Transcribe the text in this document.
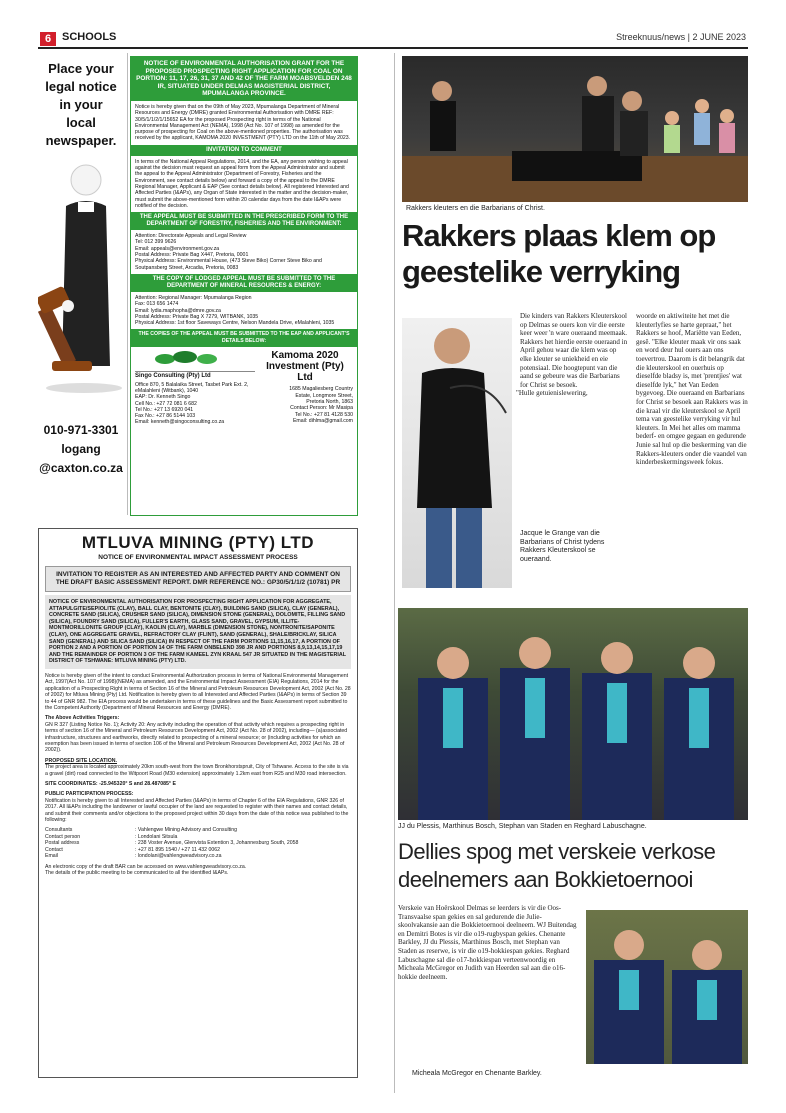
6 SCHOOLS	Streeknuus/news | 2 JUNE 2023
Place your
legal notice
in your
local
newspaper.
010-971-3301
logang
@caxton.co.za
NOTICE OF ENVIRONMENTAL AUTHORISATION GRANT FOR THE PROPOSED PROSPECTING RIGHT APPLICATION FOR COAL ON PORTION: 11, 17, 26, 31, 37 AND 42 OF THE FARM MOABSVELDEN 248 IR, SITUATED UNDER DELMAS MAGISTERIAL DISTRICT, MPUMALANGA PROVINCE.
Notice is hereby given that on the 09th of May 2023, Mpumalanga Department of Mineral Resources and Energy (DMRE) granted Environmental Authorisation with DMRE REF: 30/5/1/1/2/1/15652 EA for the proposed Prospecting right in terms of the National Environmental Management Act (NEMA), 1998 (Act No. 107 of 1998) as amended for the purpose of prospecting for Coal on the above-mentioned properties. The authorisation was received by the applicant, KAMOMA 2020 INVESTMENT (PTY) LTD on the 11th of May 2023.
INVITATION TO COMMENT
In terms of the National Appeal Regulations, 2014, and the EA, any person wishing to appeal against the decision must request an appeal form from the Appeal Administrator and submit the appeal to the Appeal Administrator (Department of Forestry, Fisheries and the Environment, see contact details below) and forward a copy of the appeal to the DMRE Regional Manager, Applicant & EAP (See contact details below). All registered Interested and Affected Parties (I&APs), any Organ of State interested in the matter and the decision-maker, must submit the above-mentioned form within 20 calendar days from the date I&APs were notified of the decision.
THE APPEAL MUST BE SUBMITTED IN THE PRESCRIBED FORM TO THE DEPARTMENT OF FORESTRY, FISHERIES AND THE ENVIRONMENT:
Attention: Directorate Appeals and Legal Review
Tel: 012 399 9626
Email: appeals@environment.gov.za
Postal Address: Private Bag X447, Pretoria, 0001
Physical Address: Environmental House, (473 Steve Biko) Corner Steve Biko and Soutpansberg Street, Arcadia, Pretoria, 0083
THE COPY OF LODGED APPEAL MUST BE SUBMITTED TO THE DEPARTMENT OF MINERAL RESOURCES & ENERGY:
Attention: Regional Manager: Mpumalanga Region
Fax: 013 656 1474
Email: lydia.maphopha@dmre.gov.za
Postal Address: Private Bag X 7279, WITBANK, 1035
Physical Address: 1st floor Saveways Centre, Nelson Mandela Drive, eMalahleni, 1035
THE COPIES OF THE APPEAL MUST BE SUBMITTED TO THE EAP AND APPLICANT'S DETAILS BELOW:
Singo Consulting (Pty) Ltd
Office 870, 5 Balalaika Street, Tasbet Park Ext. 2,
eMalahleni (Witbank), 1040
EAP: Dr. Kenneth Singo
Cell No.: +27 72 081 6 682
Tel No.: +27 13 6920 041
Fax No.: +27 86 5144 103
Email: kenneth@singoconsulting.co.za
Kamoma 2020 Investment (Pty) Ltd
1685 Magaliesberg Country
Estate, Longmore Street,
Pretoria North, 1863
Contact Person: Mr Masipa
Tel No.: +27 81 4128 530
Email: dihlma@gmail.com
MTLUVA MINING (PTY) LTD
NOTICE OF ENVIRONMENTAL IMPACT ASSESSMENT PROCESS
INVITATION TO REGISTER AS AN INTERESTED AND AFFECTED PARTY AND COMMENT ON THE DRAFT BASIC ASSESSMENT REPORT. DMR REFERENCE NO.: GP30/5/1/1/2 (10781) PR
NOTICE OF ENVIRONMENTAL AUTHORISATION FOR PROSPECTING RIGHT APPLICATION FOR AGGREGATE, ATTAPULGITE/SEPIOLITE (CLAY), BALL CLAY, BENTONITE (CLAY), BUILDING SAND (SILICA), CLAY (GENERAL), CONCRETE SAND (SILICA), CRUSHER SAND (SILICA), DIMENSION STONE (GENERAL), DOLOMITE, FILLING SAND (SILICA), FOUNDRY SAND (SILICA), FULLER'S EARTH, GLASS SAND, GRAVEL, GYPSUM, ILLITE-MONTMORILLONITE GROUP (CLAY), KAOLIN (CLAY), MARBLE (DIMENSION STONE), NONTRONITE/SAPONITE (CLAY), ONE AGGREGATE GRAVEL, REFRACTORY CLAY (FLINT), SAND (GENERAL), SHALE/BRICKLAY, SILICA SAND (GENERAL) AND SILICA SAND (SILICA) IN RESPECT OF THE FARM PORTIONS 11,15,16,17, A PORTION OF PORTION 2 AND A PORTION OF PORTION 14 OF THE FARM ONBELEND 398 JR AND PORTIONS 8,9,13,14,15,17,19 AND THE REMAINDER OF PORTION 3 OF THE FARM KAMEEL ZYN KRAAL 547 JR SITUATED IN THE MAGISTERIAL DISTRICT OF TSHWANE: MTLUVA MINING (PTY) LTD.

Notice is hereby given of the intent to conduct Environmental Authorization process in terms of National Environmental Management Act, 1997(Act No. 107 of 1998)(NEMA) as amended, and the Environmental Impact Assessment (EIA) Regulations, 2014 for the application of a Prospecting Right in terms of Section 16 of the Mineral and Petroleum Resources Development Act, 2002 (Act No. 28 of 2002) for Mtluva Mining (Pty) Ltd. Notification is hereby given to all Interested and Affected Parties (I&APs) in terms of Section 39 to 44 of GNR 982. The EIA process would be undertaken in terms of these guidelines and the Basic Assessment report submitted to the Competent Authority (Department of Mineral Resources and Energy (DMRE).

The Above Activities Triggers:

GN R 327 (Listing Notice No. 1); Activity 20: Any activity including the operation of that activity which requires a prospecting right in terms of section 16 of the Mineral and Petroleum Resources Development Act, 2002 (Act No. 28 of 2002), including— (a)associated infrastructure, structures and earthworks, directly related to prospecting of a mineral resource; or (including activities for which an exemption has been issued in terms of section 106 of the Mineral and Petroleum Resources Development Act, 2002 (Act No. 28 of 2002)).

PROPOSED SITE LOCATION.

The project area is located approximately 20km south-west from the town Bronkhorstspruit, City of Tshwane. Access to the site is via a gravel (dirt) road connected to the Witpoort Road (M30 extension) approximately 1.2km east from R25 and M30 road intersection.

SITE COORDINATES: -25.945320° S and 28.487085° E

PUBLIC PARTICIPATION PROCESS:

Notification is hereby given to all Interested and Affected Parties (I&APs) in terms of Chapter 6 of the EIA Regulations, GNR 326 of 2017. All I&APs including the landowner or lawful occupier of the land are requested to register with their names and contact details, and submit their comments and/or objections to the proposed project within 30 days from the date of this notice was published to the following:

Consultants	: Vahlengwe Mining Advisory and Consulting
Contact person	: Londolani Sitsula
Postal address	: 238 Voster Avenue, Glenvista Extention 3, Johannesburg South, 2058
Contact	: +27 81 895 1540 / +27 11 432 0062
Email	: londolani@vahlengweadvisory.co.za

An electronic copy of the draft BAR can be accessed on www.vahlengweadvisory.co.za.

The details of the public meeting to be communicated to all the identified I&APs.

Rakkers kleuters en die Barbarians of Christ.
Rakkers plaas klem op geestelike verryking
Die kinders van Rakkers Kleuterskool op Delmas se ouers kon vir die eerste keer weer 'n ware oueraand meemaak. Rakkers het hierdie eerste oueraand in April gehou waar die klem was op elke kleuter se uniekheid en eie potensiaal. Die hoogtepunt van die aand se gebeure was die Barbarians for Christ se besoek.
"Hulle getuienislewering,
Jacque le Grange van die Barbarians of Christ tydens Rakkers Kleuterskool se oueraand.
woorde en aktiwiteite het met die kleuterlyfies se harte gepraat," het Rakkers se hoof, Mariëtte van Eeden, gesê. "Elke kleuter maak vir ons saak en word deur hul ouers aan ons toevertrou. Daarom is dit belangrik dat die kleuterskool en ouerhuis op dieselfde bladsy is, met 'prentjies' wat dieselfde lyk," het Van Eeden bygevoeg. Die oueraand en Barbarians for Christ se besoek aan Rakkers was in die kraal vir die kleuterskool se April tema van geestelike verryking vir hul kleuters. In Mei het alles om mamma bederf- en omgee gegaan en gedurende Junie sal hul op die beskerming van die Rakkers-kleuters onder die vaandel van kinderbeskermingsweek fokus.
JJ du Plessis, Marthinus Bosch, Stephan van Staden en Reghard Labuschagne.
Dellies spog met verskeie verkose deelnemers aan Bokkietoernooi
Verskeie van Hoërskool Delmas se leerders is vir die Oos-Transvaalse span gekies en sal gedurende die Julie-skoolvakansie aan die Bokkietoernooi deelneem. WJ Buitendag en Demitri Botes is vir die o19-rugbyspan gekies. Chenante Barkley, JJ du Plessis, Marthinus Bosch, met Stephan van Staden as reserwe, is vir die o19-hokkiespan gekies. Reghard Labuschagne sal die o17-hokkiespan verteenwoordig en Micheala McGregor en Judith van Heerden sal aan die o16-hokkie deelneem.
Micheala McGregor en Chenante Barkley.
